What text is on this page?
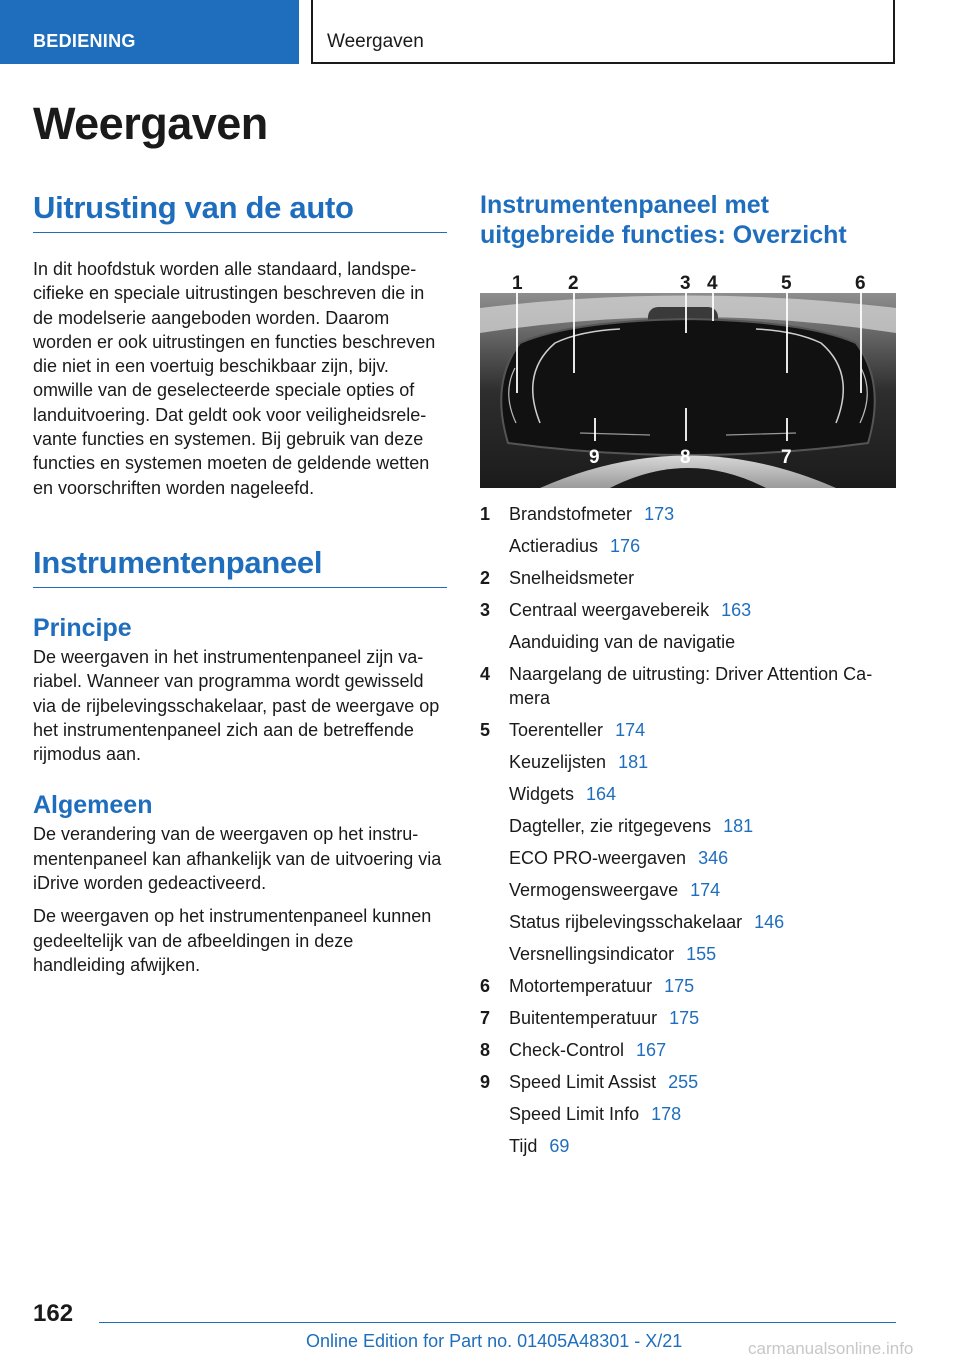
BEDIENING	Weergaven
Weergaven
Uitrusting van de auto

In dit hoofdstuk worden alle standaard, landspecifieke en speciale uitrustingen beschreven die in de modelserie aangeboden worden. Daarom worden er ook uitrustingen en functies beschreven die niet in een voertuig beschikbaar zijn, bijv. omwille van de geselecteerde speciale opties of landuitvoering. Dat geldt ook voor veiligheidsrelevante functies en systemen. Bij gebruik van deze functies en systemen moeten de geldende wetten en voorschriften worden nageleefd.

Instrumentenpaneel
Principe

De weergaven in het instrumentenpaneel zijn variabel. Wanneer van programma wordt gewisseld via de rijbelevingsschakelaar, past de weergave op het instrumentenpaneel zich aan de betreffende rijmodus aan.

Algemeen

De verandering van de weergaven op het instrumentenpaneel kan afhankelijk van de uitvoering via iDrive worden gedeactiveerd.

De weergaven op het instrumentenpaneel kunnen gedeeltelijk van de afbeeldingen in deze handleiding afwijken.

Instrumentenpaneel met uitgebreide functies: Overzicht
1 2	3 4	5	6
7
8
9
1	Brandstofmeter 173
Actieradius 176
2	Snelheidsmeter
3	Centraal weergavebereik 163
Aanduiding van de navigatie
4	Naargelang de uitrusting: Driver Attention Camera
5	Toerenteller 174
Keuzelijsten 181
Widgets 164
Dagteller, zie ritgegevens 181
ECO PRO-weergaven 346
Vermogensweergave 174
Status rijbelevingsschakelaar 146
Versnellingsindicator 155
6	Motortemperatuur 175
7	Buitentemperatuur 175
8	Check-Control 167
9	Speed Limit Assist 255
Speed Limit Info 178
Tijd 69
162
Online Edition for Part no. 01405A48301 - X/21	carmanualsonline.info
